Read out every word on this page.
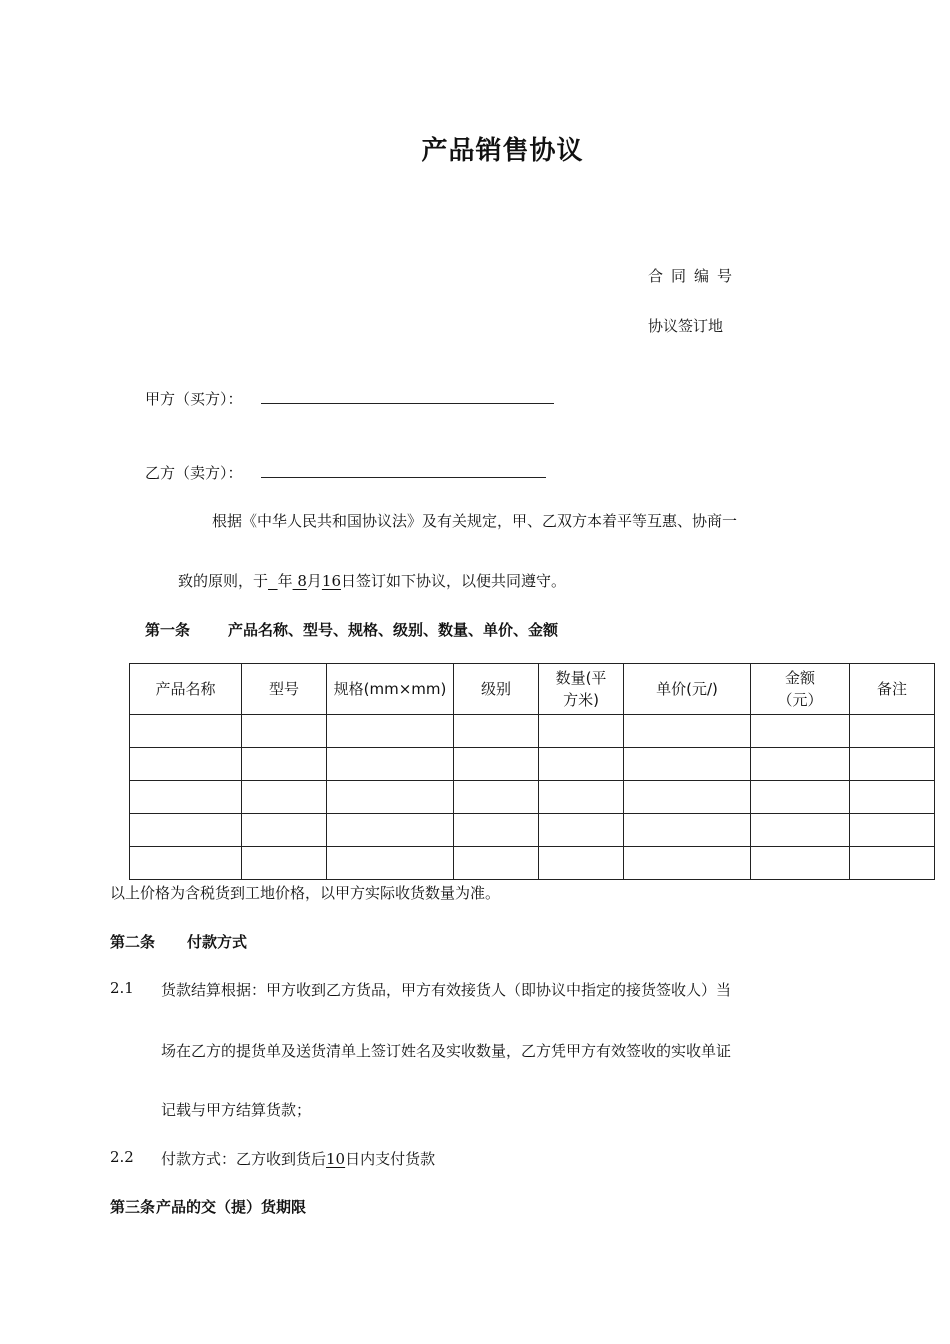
产品销售协议
合同编号
协议签订地
甲方（买方）：
乙方（卖方）：
根据《中华人民共和国协议法》及有关规定，甲、乙双方本着平等互惠、协商一
致的原则，于 年 8月16日签订如下协议，以便共同遵守。
第一条	产品名称、型号、规格、级别、数量、单价、金额
产品名称	型号	规格(mm×mm)	级别	数量(平方米)	单价(元/)	金额（元）	备注

以上价格为含税货到工地价格，以甲方实际收货数量为准。
第二条 付款方式
2.1 货款结算根据：甲方收到乙方货品，甲方有效接货人（即协议中指定的接货签收人）当
场在乙方的提货单及送货清单上签订姓名及实收数量，乙方凭甲方有效签收的实收单证
记载与甲方结算货款；
2.2 付款方式：乙方收到货后10日内支付货款
第三条 产品的交（提）货期限
